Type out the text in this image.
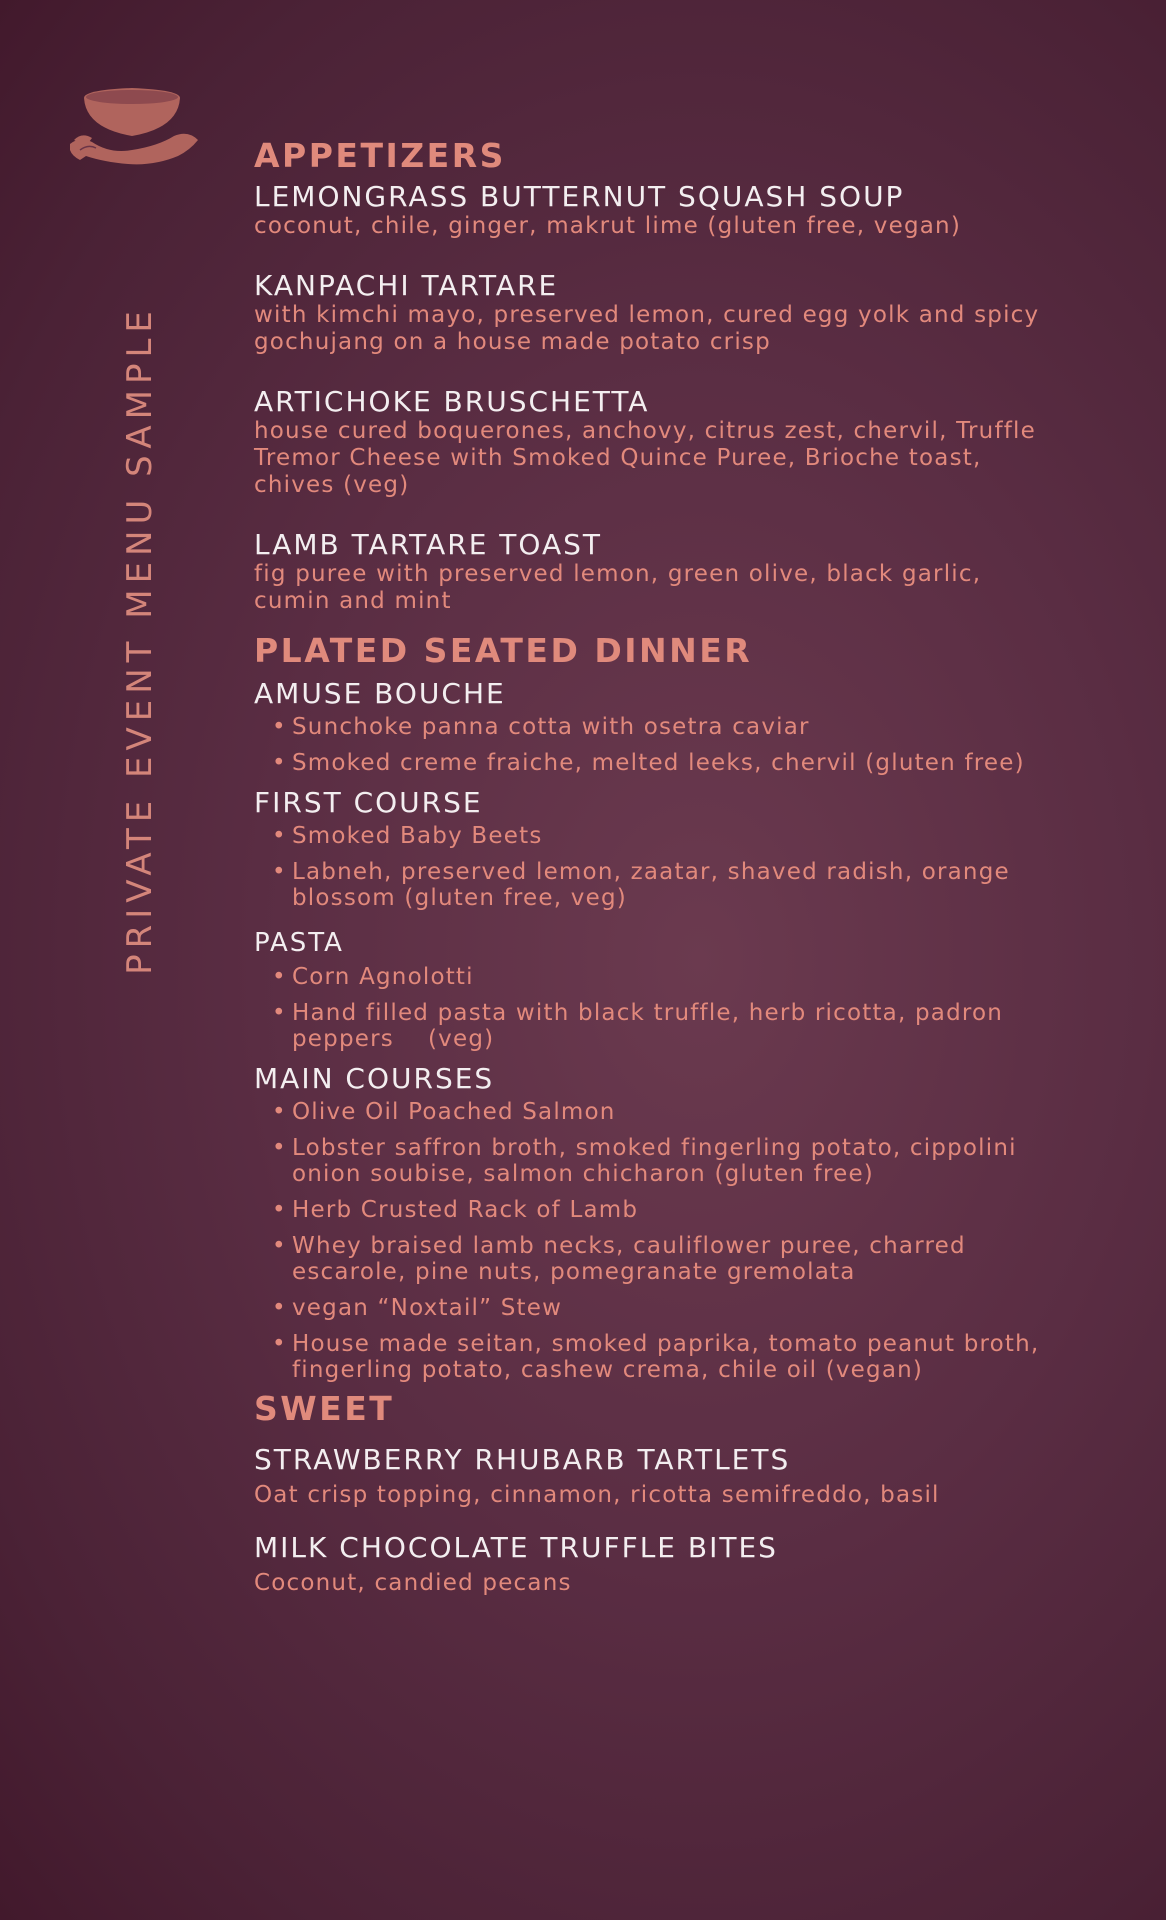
PRIVATE EVENT MENU SAMPLE
APPETIZERS
LEMONGRASS BUTTERNUT SQUASH SOUP
coconut, chile, ginger, makrut lime (gluten free, vegan)
KANPACHI TARTARE
with kimchi mayo, preserved lemon, cured egg yolk and spicy gochujang on a house made potato crisp
ARTICHOKE BRUSCHETTA
house cured boquerones, anchovy, citrus zest, chervil, Truffle Tremor Cheese with Smoked Quince Puree, Brioche toast, chives (veg)
LAMB TARTARE TOAST
fig puree with preserved lemon, green olive, black garlic, cumin and mint
PLATED SEATED DINNER
AMUSE BOUCHE
• Sunchoke panna cotta with osetra caviar
• Smoked creme fraiche, melted leeks, chervil (gluten free)
FIRST COURSE
• Smoked Baby Beets
• Labneh, preserved lemon, zaatar, shaved radish, orange blossom (gluten free, veg)
PASTA
• Corn Agnolotti
• Hand filled pasta with black truffle, herb ricotta, padron peppers    (veg)
MAIN COURSES
• Olive Oil Poached Salmon
• Lobster saffron broth, smoked fingerling potato, cippolini onion soubise, salmon chicharon (gluten free)
• Herb Crusted Rack of Lamb
• Whey braised lamb necks, cauliflower puree, charred escarole, pine nuts, pomegranate gremolata
• vegan “Noxtail” Stew
• House made seitan, smoked paprika, tomato peanut broth, fingerling potato, cashew crema, chile oil (vegan)
SWEET
STRAWBERRY RHUBARB TARTLETS
Oat crisp topping, cinnamon, ricotta semifreddo, basil
MILK CHOCOLATE TRUFFLE BITES
Coconut, candied pecans
